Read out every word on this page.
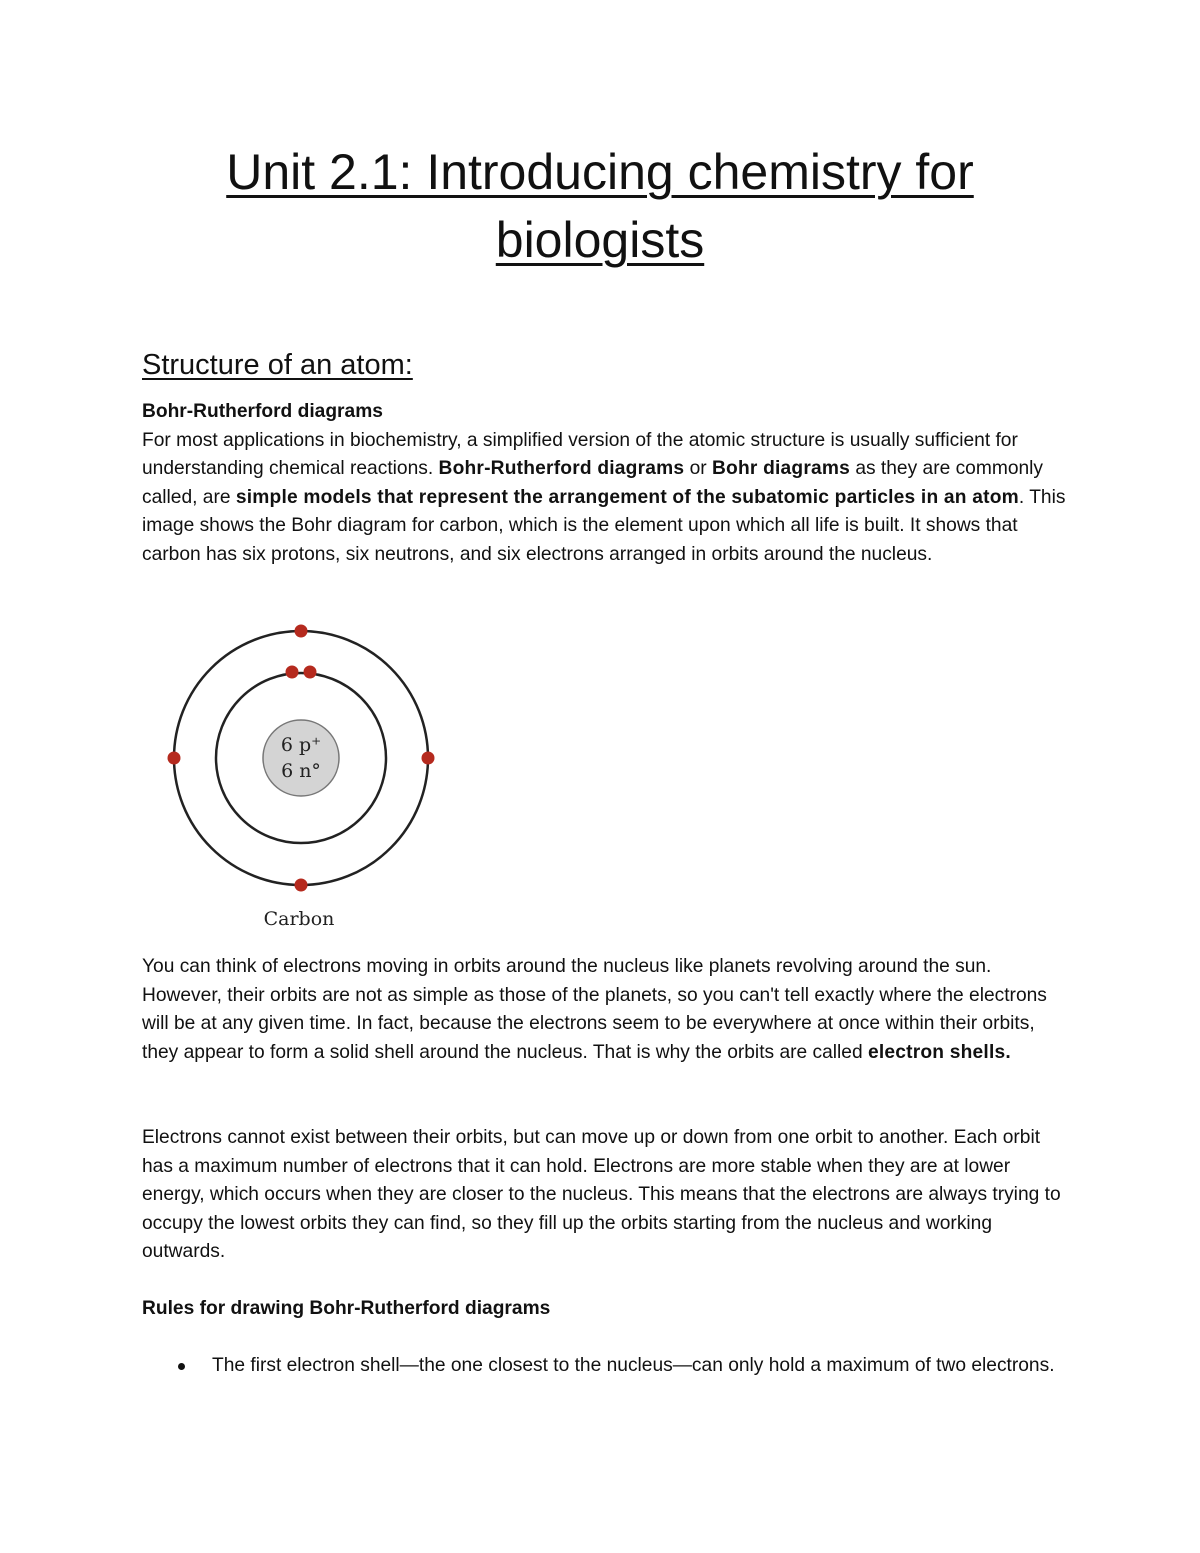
Unit 2.1: Introducing chemistry for
biologists
Structure of an atom:
Bohr-Rutherford diagrams
For most applications in biochemistry, a simplified version of the atomic structure is usually sufficient for understanding chemical reactions. Bohr-Rutherford diagrams or Bohr diagrams as they are commonly called, are simple models that represent the arrangement of the subatomic particles in an atom. This image shows the Bohr diagram for carbon, which is the element upon which all life is built. It shows that carbon has six protons, six neutrons, and six electrons arranged in orbits around the nucleus.
6 p⁺
6 n°
Carbon
You can think of electrons moving in orbits around the nucleus like planets revolving around the sun. However, their orbits are not as simple as those of the planets, so you can't tell exactly where the electrons will be at any given time. In fact, because the electrons seem to be everywhere at once within their orbits, they appear to form a solid shell around the nucleus. That is why the orbits are called electron shells.
Electrons cannot exist between their orbits, but can move up or down from one orbit to another. Each orbit has a maximum number of electrons that it can hold. Electrons are more stable when they are at lower energy, which occurs when they are closer to the nucleus. This means that the electrons are always trying to occupy the lowest orbits they can find, so they fill up the orbits starting from the nucleus and working outwards.
Rules for drawing Bohr-Rutherford diagrams
The first electron shell—the one closest to the nucleus—can only hold a maximum of two electrons.
